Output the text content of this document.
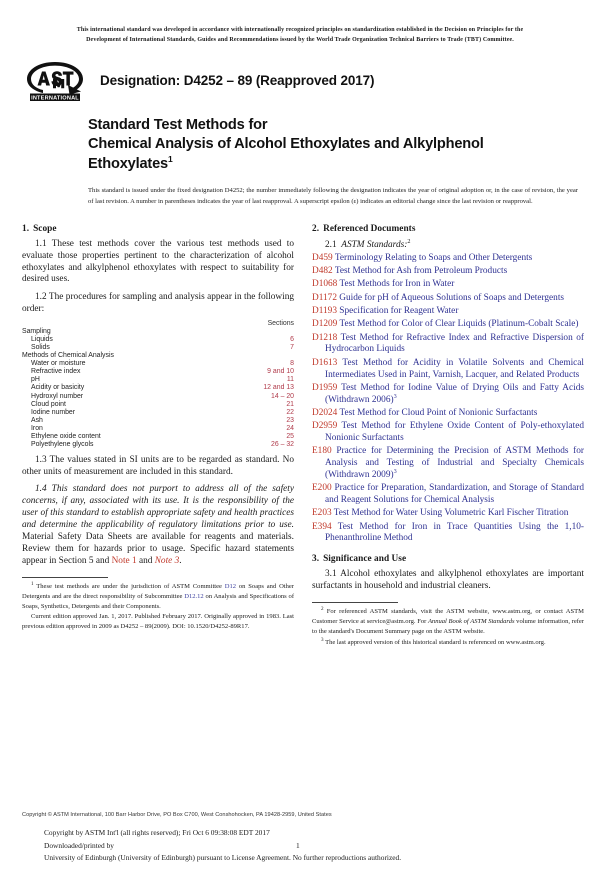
This international standard was developed in accordance with internationally recognized principles on standardization established in the Decision on Principles for the
Development of International Standards, Guides and Recommendations issued by the World Trade Organization Technical Barriers to Trade (TBT) Committee.
INTERNATIONAL
Designation: D4252 – 89 (Reapproved 2017)
Standard Test Methods for
Chemical Analysis of Alcohol Ethoxylates and Alkylphenol
Ethoxylates$^1$
This standard is issued under the fixed designation D4252; the number immediately following the designation indicates the year of original adoption or, in the case of revision, the year of last revision. A number in parentheses indicates the year of last reapproval. A superscript epsilon (ε) indicates an editorial change since the last revision or reapproval.
1. Scope

1.1 These test methods cover the various test methods used to evaluate those properties pertinent to the characterization of alcohol ethoxylates and alkylphenol ethoxylates with respect to suitability for desired uses.

1.2 The procedures for sampling and analysis appear in the following order:

	Sections
Sampling	
Liquids	6
Solids	7
Methods of Chemical Analysis	
Water or moisture	8
Refractive index	9 and 10
pH	11
Acidity or basicity	12 and 13
Hydroxyl number	14 – 20
Cloud point	21
Iodine number	22
Ash	23
Iron	24
Ethylene oxide content	25
Polyethylene glycols	26 – 32

1.3 The values stated in SI units are to be regarded as standard. No other units of measurement are included in this standard.

1.4 This standard does not purport to address all of the safety concerns, if any, associated with its use. It is the responsibility of the user of this standard to establish appropriate safety and health practices and determine the applicability of regulatory limitations prior to use. Material Safety Data Sheets are available for reagents and materials. Review them for hazards prior to usage. Specific hazard statements appear in Section 5 and Note 1 and Note 3.

$^1$ These test methods are under the jurisdiction of ASTM Committee D12 on Soaps and Other Detergents and are the direct responsibility of Subcommittee D12.12 on Analysis and Specifications of Soaps, Synthetics, Detergents and their Components.

Current edition approved Jan. 1, 2017. Published February 2017. Originally approved in 1983. Last previous edition approved in 2009 as D4252 – 89(2009). DOI: 10.1520/D4252-89R17.

2. Referenced Documents

2.1 ASTM Standards:$^2$

D459 Terminology Relating to Soaps and Other Detergents

D482 Test Method for Ash from Petroleum Products

D1068 Test Methods for Iron in Water

D1172 Guide for pH of Aqueous Solutions of Soaps and Detergents

D1193 Specification for Reagent Water

D1209 Test Method for Color of Clear Liquids (Platinum-Cobalt Scale)

D1218 Test Method for Refractive Index and Refractive Dispersion of Hydrocarbon Liquids

D1613 Test Method for Acidity in Volatile Solvents and Chemical Intermediates Used in Paint, Varnish, Lacquer, and Related Products

D1959 Test Method for Iodine Value of Drying Oils and Fatty Acids (Withdrawn 2006)$^3$

D2024 Test Method for Cloud Point of Nonionic Surfactants

D2959 Test Method for Ethylene Oxide Content of Poly-ethoxylated Nonionic Surfactants

E180 Practice for Determining the Precision of ASTM Methods for Analysis and Testing of Industrial and Specialty Chemicals (Withdrawn 2009)$^3$

E200 Practice for Preparation, Standardization, and Storage of Standard and Reagent Solutions for Chemical Analysis

E203 Test Method for Water Using Volumetric Karl Fischer Titration

E394 Test Method for Iron in Trace Quantities Using the 1,10-Phenanthroline Method

3. Significance and Use

3.1 Alcohol ethoxylates and alkylphenol ethoxylates are important surfactants in household and industrial cleaners.

$^2$ For referenced ASTM standards, visit the ASTM website, www.astm.org, or contact ASTM Customer Service at service@astm.org. For Annual Book of ASTM Standards volume information, refer to the standard's Document Summary page on the ASTM website.

$^3$ The last approved version of this historical standard is referenced on www.astm.org.

Copyright © ASTM International, 100 Barr Harbor Drive, PO Box C700, West Conshohocken, PA 19428-2959, United States
Copyright by ASTM Int'l (all rights reserved); Fri Oct 6 09:38:08 EDT 2017
Downloaded/printed by
University of Edinburgh (University of Edinburgh) pursuant to License Agreement. No further reproductions authorized.
1
